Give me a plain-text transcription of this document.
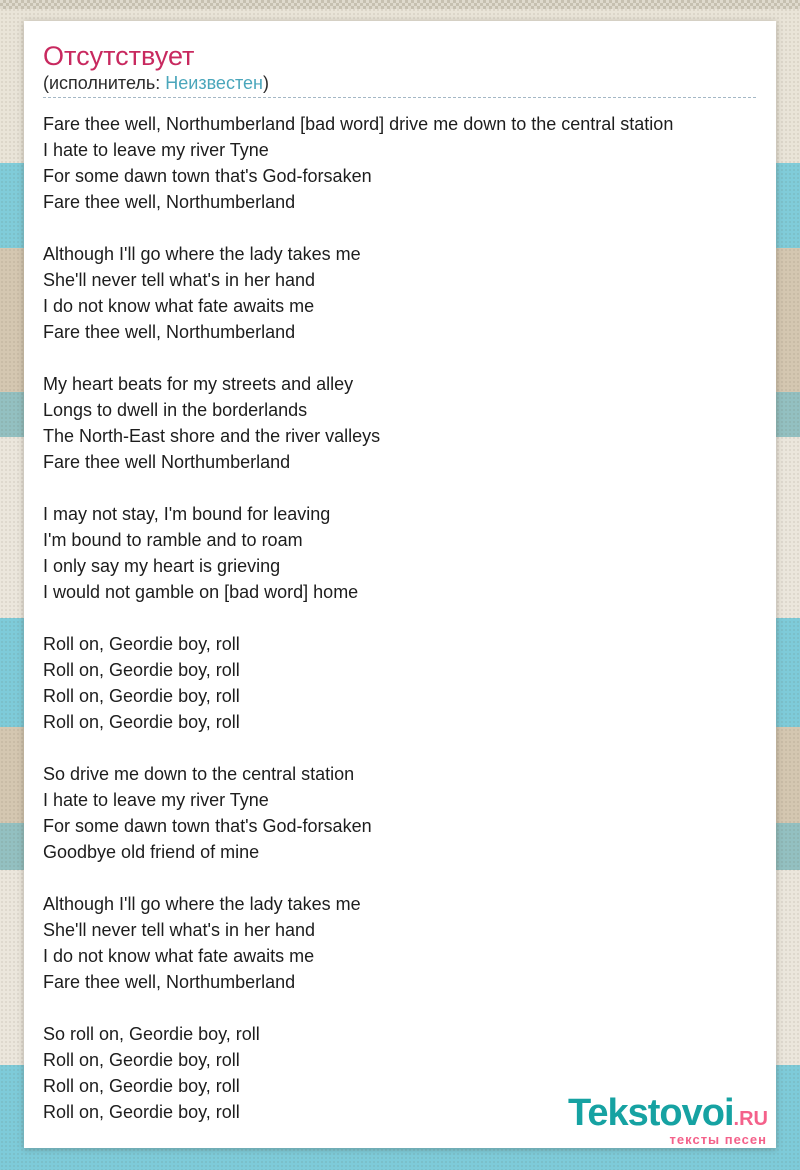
Отсутствует
(исполнитель: Неизвестен)

Fare thee well, Northumberland [bad word] drive me down to the central station
I hate to leave my river Tyne
For some dawn town that's God-forsaken
Fare thee well, Northumberland

Although I'll go where the lady takes me
She'll never tell what's in her hand
I do not know what fate awaits me
Fare thee well, Northumberland

My heart beats for my streets and alley
Longs to dwell in the borderlands
The North-East shore and the river valleys
Fare thee well Northumberland

I may not stay, I'm bound for leaving
I'm bound to ramble and to roam
I only say my heart is grieving
I would not gamble on [bad word] home

Roll on, Geordie boy, roll
Roll on, Geordie boy, roll
Roll on, Geordie boy, roll
Roll on, Geordie boy, roll

So drive me down to the central station
I hate to leave my river Tyne
For some dawn town that's God-forsaken
Goodbye old friend of mine

Although I'll go where the lady takes me
She'll never tell what's in her hand
I do not know what fate awaits me
Fare thee well, Northumberland

So roll on, Geordie boy, roll
Roll on, Geordie boy, roll
Roll on, Geordie boy, roll
Roll on, Geordie boy, roll	Tekstovoi.RU
тексты песен
